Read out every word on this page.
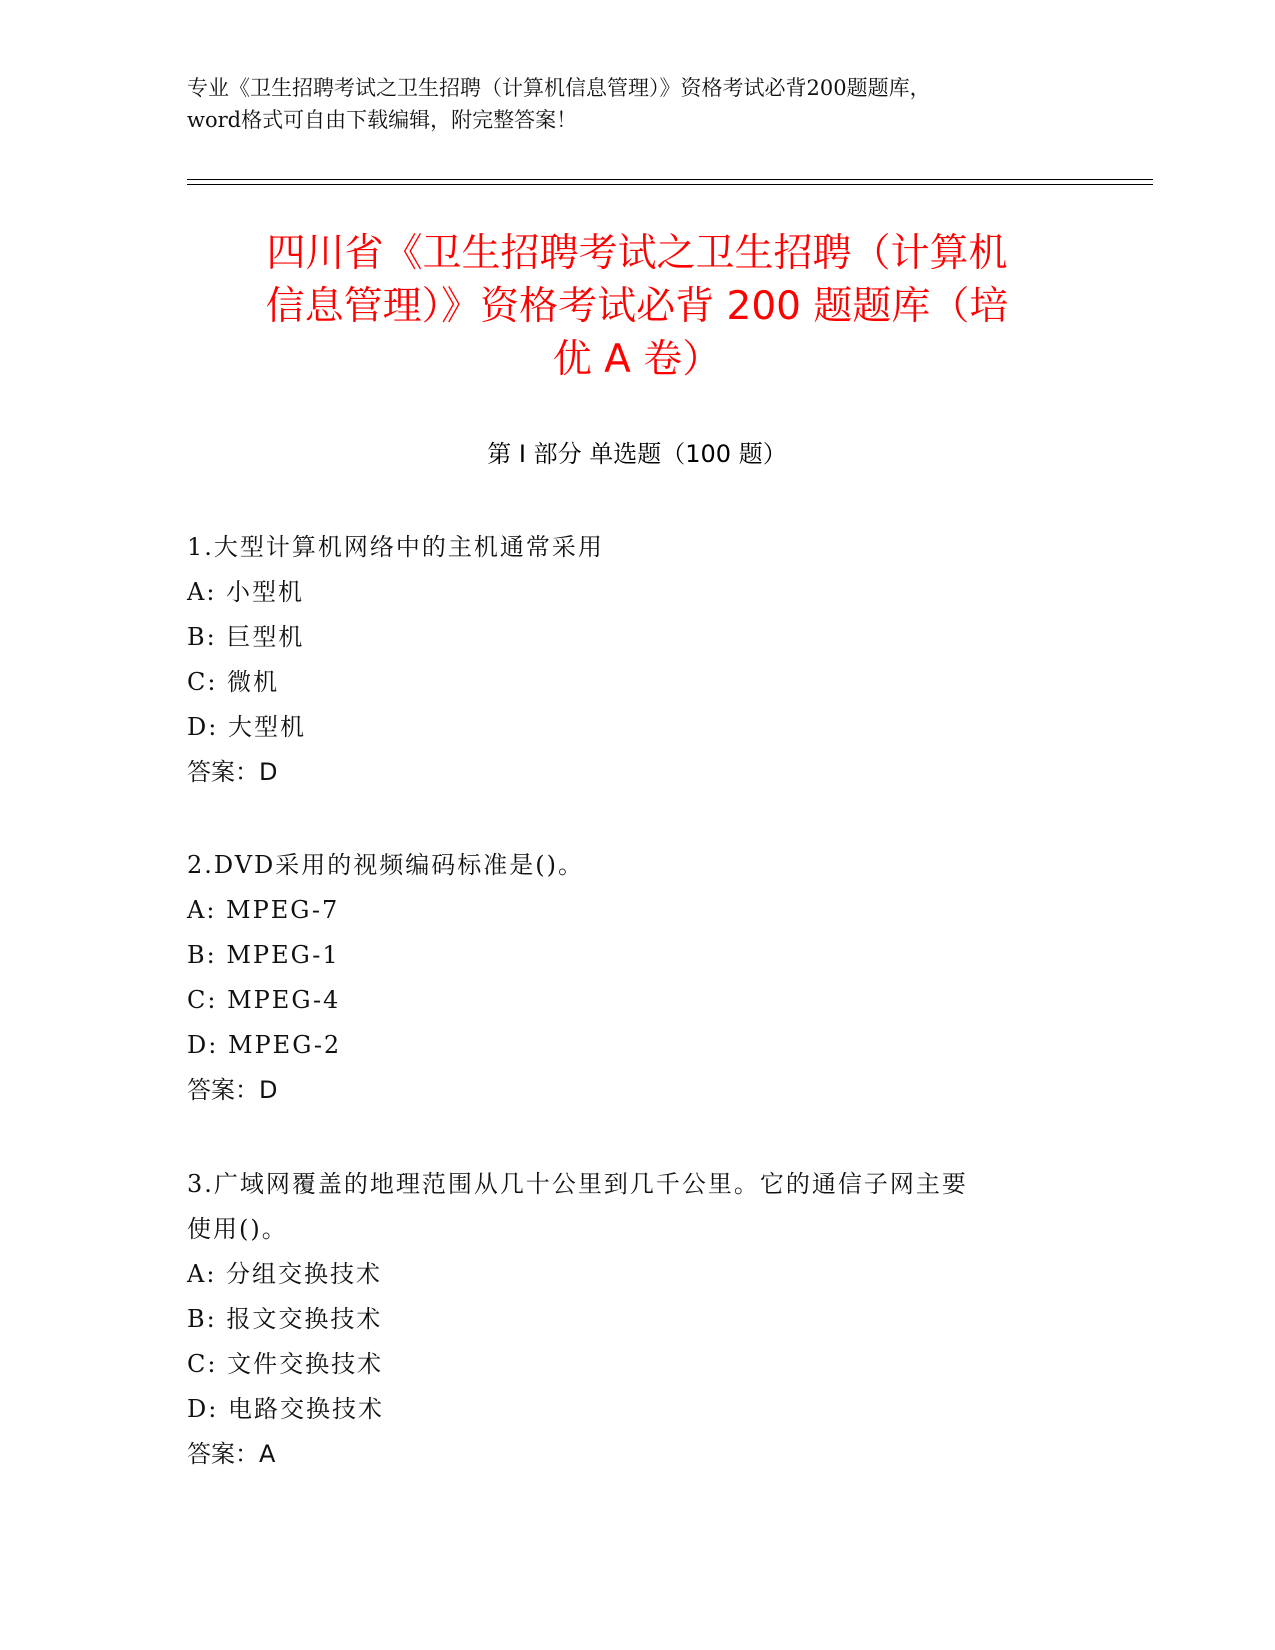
专业《卫生招聘考试之卫生招聘（计算机信息管理）》资格考试必背200题题库，
word格式可自由下载编辑，附完整答案！
四川省《卫生招聘考试之卫生招聘（计算机
信息管理）》资格考试必背 200 题题库（培
优 A 卷）
第 I 部分 单选题（100 题）
1.大型计算机网络中的主机通常采用
A: 小型机
B: 巨型机
C: 微机
D: 大型机
答案：D
2.DVD采用的视频编码标准是()。
A: MPEG-7
B: MPEG-1
C: MPEG-4
D: MPEG-2
答案：D
3.广域网覆盖的地理范围从几十公里到几千公里。它的通信子网主要
使用()。
A: 分组交换技术
B: 报文交换技术
C: 文件交换技术
D: 电路交换技术
答案：A
